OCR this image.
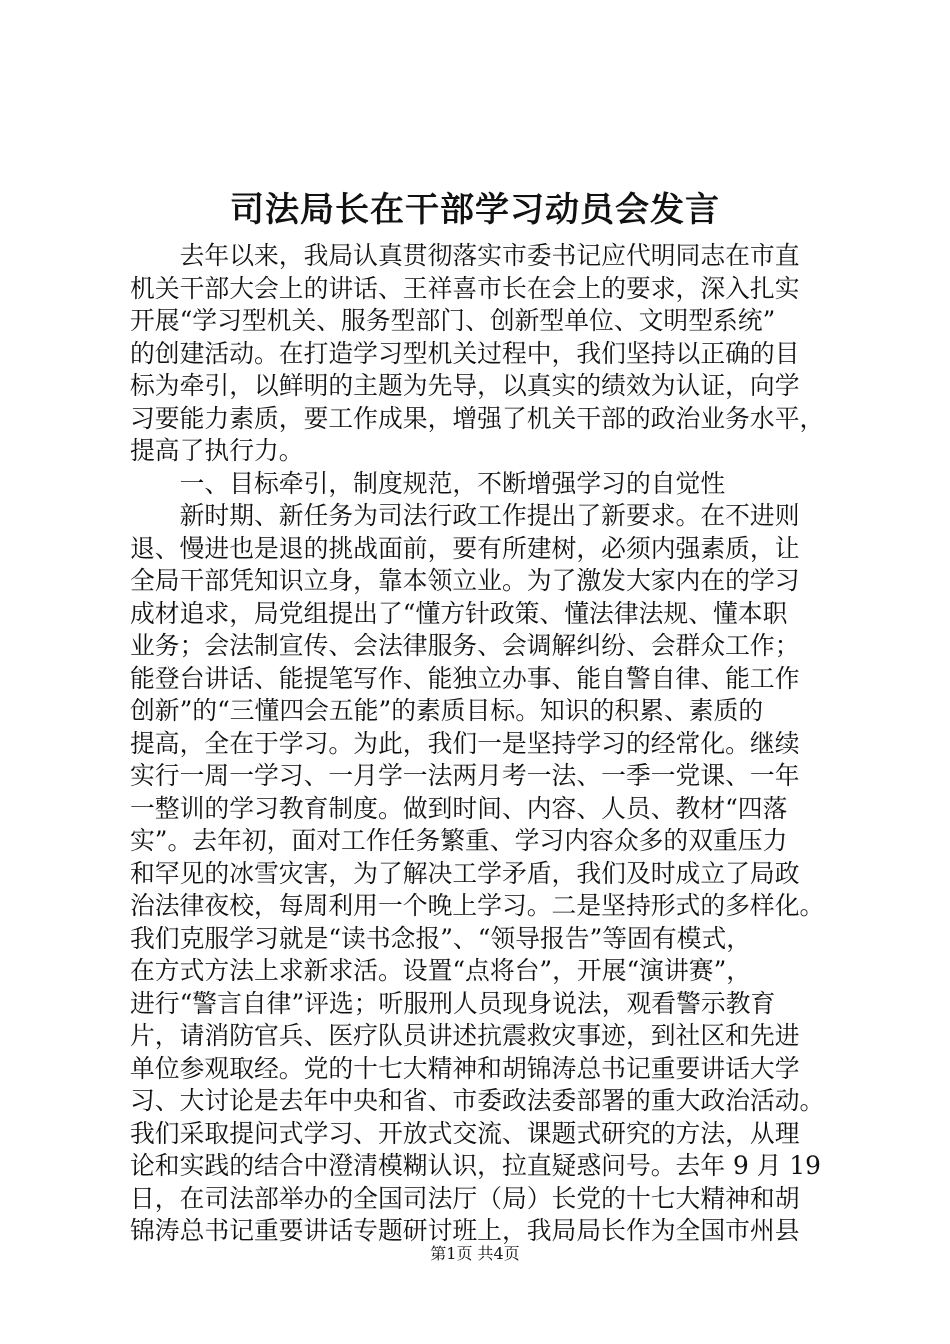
司法局长在干部学习动员会发言
　　去年以来，我局认真贯彻落实市委书记应代明同志在市直
机关干部大会上的讲话、王祥喜市长在会上的要求，深入扎实
开展“学习型机关、服务型部门、创新型单位、文明型系统”
的创建活动。在打造学习型机关过程中，我们坚持以正确的目
标为牵引，以鲜明的主题为先导，以真实的绩效为认证，向学
习要能力素质，要工作成果，增强了机关干部的政治业务水平，
提高了执行力。
　　一、目标牵引，制度规范，不断增强学习的自觉性
　　新时期、新任务为司法行政工作提出了新要求。在不进则
退、慢进也是退的挑战面前，要有所建树，必须内强素质，让
全局干部凭知识立身，靠本领立业。为了激发大家内在的学习
成材追求，局党组提出了“懂方针政策、懂法律法规、懂本职
业务；会法制宣传、会法律服务、会调解纠纷、会群众工作；
能登台讲话、能提笔写作、能独立办事、能自警自律、能工作
创新”的“三懂四会五能”的素质目标。知识的积累、素质的
提高，全在于学习。为此，我们一是坚持学习的经常化。继续
实行一周一学习、一月学一法两月考一法、一季一党课、一年
一整训的学习教育制度。做到时间、内容、人员、教材“四落
实”。去年初，面对工作任务繁重、学习内容众多的双重压力
和罕见的冰雪灾害，为了解决工学矛盾，我们及时成立了局政
治法律夜校，每周利用一个晚上学习。二是坚持形式的多样化。
我们克服学习就是“读书念报”、“领导报告”等固有模式，
在方式方法上求新求活。设置“点将台”，开展“演讲赛”，
进行“警言自律”评选；听服刑人员现身说法，观看警示教育
片，请消防官兵、医疗队员讲述抗震救灾事迹，到社区和先进
单位参观取经。党的十七大精神和胡锦涛总书记重要讲话大学
习、大讨论是去年中央和省、市委政法委部署的重大政治活动。
我们采取提问式学习、开放式交流、课题式研究的方法，从理
论和实践的结合中澄清模糊认识，拉直疑惑问号。去年 9 月 19
日，在司法部举办的全国司法厅（局）长党的十七大精神和胡
锦涛总书记重要讲话专题研讨班上，我局局长作为全国市州县
第1页 共4页
